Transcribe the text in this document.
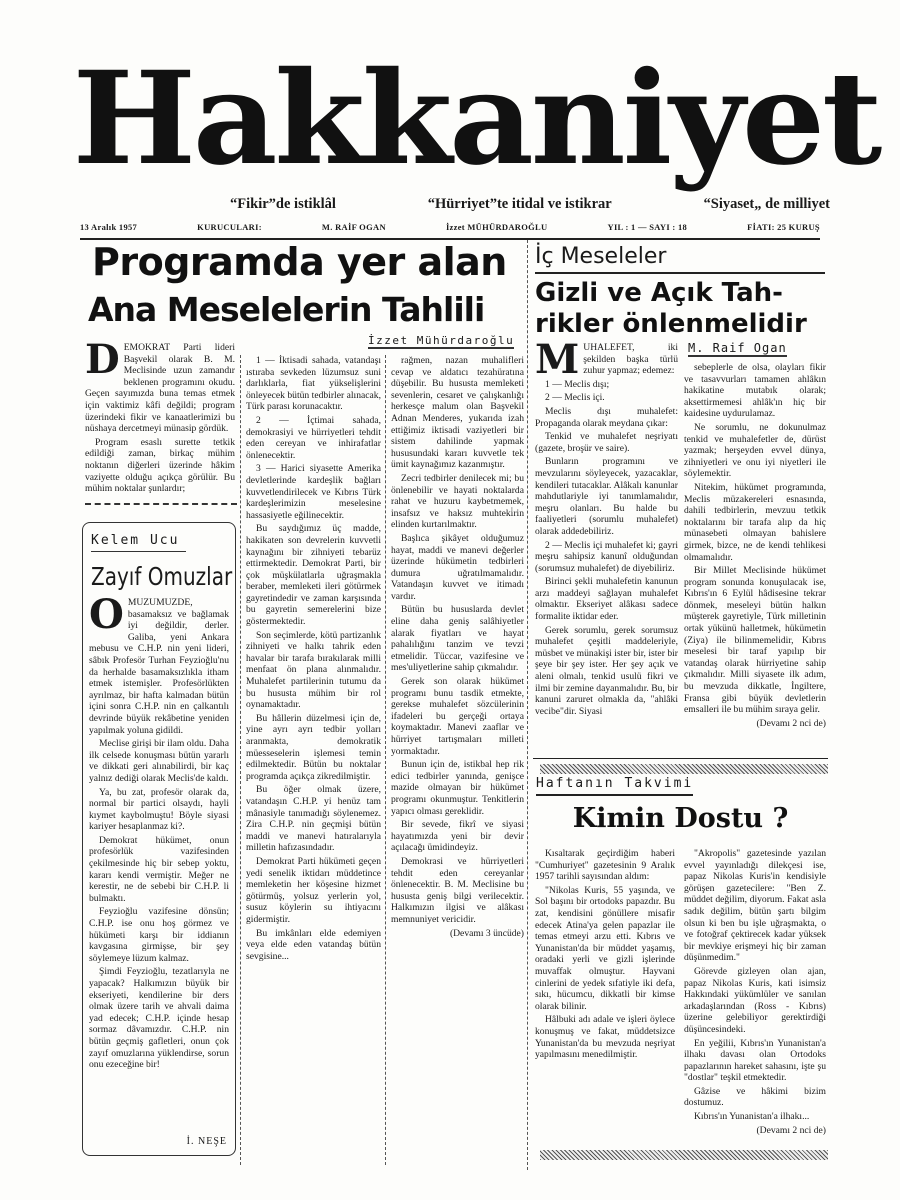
Hakkaniyet
“Fikir”de istiklâl	“Hürriyet”te itidal ve istikrar	“Siyaset„ de milliyet
13 Aralık 1957	KURUCULARI:	M. RAİF OGAN	İzzet MÜHÜRDAROĞLU	YIL : 1 — SAYI : 18	FİATI: 25 KURUŞ
Programda yer alan
Ana Meselelerin Tahlili
İzzet Mühürdaroğlu
D EMOKRAT Parti lideri Başvekil olarak B. M. Meclisinde uzun zamandır beklenen programını okudu. Geçen sayımızda buna temas etmek için vaktimiz kâfi değildi; program üzerindeki fikir ve kanaatlerimizi bu nüshaya dercetmeyi münasip gördük.

Program esaslı surette tetkik edildiği zaman, birkaç mühim noktanın diğerleri üzerinde hâkim vaziyette olduğu açıkça görülür. Bu mühim noktalar şunlardır;

1 — İktisadi sahada, vatandaşı ıstıraba sevkeden lüzumsuz suni darlıklarla, fiat yükselişlerini önleyecek bütün tedbirler alınacak, Türk parası korunacaktır.

2 — İçtimai sahada, demokrasiyi ve hürriyetleri tehdit eden cereyan ve inhirafatlar önlenecektir.

3 — Harici siyasette Amerika devletlerinde kardeşlik bağları kuvvetlendirilecek ve Kıbrıs Türk kardeşlerimizin meselesine hassasiyetle eğilinecektir.

Bu saydığımız üç madde, hakikaten son devrelerin kuvvetli kaynağını bir zihniyeti tebarüz ettirmektedir. Demokrat Parti, bir çok müşkülatlarla uğraşmakla beraber, memleketi ileri götürmek gayretindedir ve zaman karşısında bu gayretin semerelerini bize göstermektedir.

Son seçimlerde, kötü partizanlık zihniyeti ve halkı tahrik eden havalar bir tarafa bırakılarak milli menfaat ön plana alınmalıdır. Muhalefet partilerinin tutumu da bu hususta mühim bir rol oynamaktadır.

Bu hâllerin düzelmesi için de, yine ayrı ayrı tedbir yolları aranmakta, demokratik müesseselerin işlemesi temin edilmektedir. Bütün bu noktalar programda açıkça zikredilmiştir.

Bu öğer olmak üzere, vatandaşın C.H.P. yi henüz tam mânasiyle tanımadığı söylenemez. Zira C.H.P. nin geçmişi bütün maddi ve manevi hatıralarıyla milletin hafızasındadır.

Demokrat Parti hükümeti geçen yedi senelik iktidarı müddetince memleketin her köşesine hizmet götürmüş, yolsuz yerlerin yol, susuz köylerin su ihtiyacını gidermiştir.

Bu imkânları elde edemiyen veya elde eden vatandaş bütün sevgisine...

rağmen, nazan muhalifleri cevap ve aldatıcı tezahüratına düşebilir. Bu hususta memleketi sevenlerin, cesaret ve çalışkanlığı herkesçe malum olan Başvekil Adnan Menderes, yukarıda izah ettiğimiz iktisadi vaziyetleri bir sistem dahilinde yapmak hususundaki kararı kuvvetle tek ümit kaynağımız kazanmıştır.

Zecri tedbirler denilecek mi; bu önlenebilir ve hayati noktalarda rahat ve huzuru kaybetmemek, insafsız ve haksız muhteki̇rin elinden kurtarılmaktır.

Başlıca şikâyet olduğumuz hayat, maddi ve manevi değerler üzerinde hükümetin tedbirleri dumura uğratılmamalıdır. Vatandaşın kuvvet ve itimadı vardır.

Bütün bu hususlarda devlet eline daha geniş salâhiyetler alarak fiyatları ve hayat pahalılığını tanzim ve tevzi etmelidir. Tüccar, vazifesine ve mes'uliyetlerine sahip çıkmalıdır.

Gerek son olarak hükümet programı bunu tasdik etmekte, gerekse muhalefet sözcülerinin ifadeleri bu gerçeği ortaya koymaktadır. Manevi zaaflar ve hürriyet tartışmaları milleti yormaktadır.

Bunun için de, istikbal hep rik edici tedbirler yanında, genişce mazide olmayan bir hükümet programı okunmuştur. Tenkitlerin yapıcı olması gereklidir.

Bir sevede, fikrî ve siyasi hayatımızda yeni bir devir açılacağı ümidindeyiz.

Demokrasi ve hürriyetleri tehdit eden cereyanlar önlenecektir. B. M. Meclisine bu hususta geniş bilgi verilecektir. Halkımızın ilgisi ve alâkası memnuniyet vericidir.

(Devamı 3 üncüde)

Kelem Ucu
Zayıf Omuzlar
O MUZUMUZDE, basamaksız ve bağlamak iyi değildir, derler. Galiba, yeni Ankara mebusu ve C.H.P. nin yeni lideri, sâbık Profesör Turhan Feyzioğlu'nu da herhalde basamaksızlıkla itham etmek istemişler. Profesörlükten ayrılmaz, bir hafta kalmadan bütün içini sonra C.H.P. nin en çalkantılı devrinde büyük rekâbetine yeniden yapılmak yoluna gidildi.

Meclise girişi bir ilam oldu. Daha ilk celsede konuşması bütün yararlı ve dikkati geri alınabilirdi, bir kaç yalnız dediği olarak Meclis'de kaldı.

Ya, bu zat, profesör olarak da, normal bir partici olsaydı, hayli kıymet kaybolmuştu! Böyle siyasi kariyer hesaplanmaz ki?.

Demokrat hükümet, onun profesörlük vazifesinden çekilmesinde hiç bir sebep yoktu, kararı kendi vermiştir. Meğer ne kerestir, ne de sebebi bir C.H.P. li bulmaktı.

Feyzioğlu vazifesine dönsün; C.H.P. ise onu hoş görmez ve hükümeti karşı bir iddianın kavgasına girmişse, bir şey söylemeye lüzum kalmaz.

Şimdi Feyzioğlu, tezatlarıyla ne yapacak? Halkımızın büyük bir ekseriyeti, kendilerine bir ders olmak üzere tarih ve ahvali daima yad edecek; C.H.P. içinde hesap sormaz dâvamızdır. C.H.P. nin bütün geçmiş gafletleri, onun çok zayıf omuzlarına yüklendirse, sorun onu ezeceğine bir!

İ. NEŞE
İç Meseleler
Gizli ve Açık Tah-
rikler önlenmelidir
M. Raif Ogan
M UHALEFET, iki şekilden başka türlü zuhur yapmaz; edemez:

1 — Meclis dışı;

2 — Meclis içi.

Meclis dışı muhalefet: Propaganda olarak meydana çıkar:

Tenkid ve muhalefet neşriyatı (gazete, broşür ve saire).

Bunların programını ve mevzularını söyleyecek, yazacaklar, kendileri tutacaklar. Alâkalı kanunlar mahdutlariyle iyi tanımlamalıdır, meşru olanları. Bu halde bu faaliyetleri (sorumlu muhalefet) olarak addedebiliriz.

2 — Meclis içi muhalefet ki; gayri meşru sahipsiz kanunî olduğundan (sorumsuz muhalefet) de diyebiliriz.

Birinci şekli muhalefetin kanunun arzı maddeyi sağlayan muhalefet olmaktır. Ekseriyet alâkası sadece formalite iktidar eder.

Gerek sorumlu, gerek sorumsuz muhalefet çeşitli maddeleriyle, müsbet ve münakişi ister bir, ister bir şeye bir şey ister. Her şey açık ve aleni olmalı, tenkid usulü fikri ve ilmi bir zemine dayanmalıdır. Bu, bir kanuni zaruret olmakla da, "ahlâki vecibe"dir. Siyasi

sebeplerle de olsa, olayları fikir ve tasavvurları tamamen ahlâkın hakikatine mutabık olarak; aksettirmemesi ahlâk'ın hiç bir kaidesine uydurulamaz.

Ne sorumlu, ne dokunulmaz tenkid ve muhalefetler de, dürüst yazmak; herşeyden evvel dünya, zihniyetleri ve onu iyi niyetleri ile söylemektir.

Nitekim, hükümet programında, Meclis müzakereleri esnasında, dahili tedbirlerin, mevzuu tetkik noktalarını bir tarafa alıp da hiç münasebeti olmayan bahislere girmek, bizce, ne de kendi tehlikesi olmamalıdır.

Bir Millet Meclisinde hükümet program sonunda konuşulacak ise, Kıbrıs'ın 6 Eylül hâdisesine tekrar dönmek, meseleyi bütün halkın müşterek gayretiyle, Türk milletinin ortak yükünü halletmek, hükümetin (Ziya) ile bilinmemelidir, Kıbrıs meselesi bir taraf yapılıp bir vatandaş olarak hürriyetine sahip çıkmalıdır. Milli siyasete ilk adım, bu mevzuda dikkatle, İngiltere, Fransa gibi büyük devletlerin emsalleri ile bu mühim sıraya gelir.

(Devamı 2 nci de)

Haftanın Takvimi
Kimin Dostu ?

Kısaltarak geçirdiğim haberi "Cumhuriyet" gazetesinin 9 Aralık 1957 tarihli sayısından aldım:

"Nikolas Kuris, 55 yaşında, ve Sol başını bir ortodoks papazdır. Bu zat, kendisini gönüllere misafir edecek Atina'ya gelen papazlar ile temas etmeyi arzu etti. Kıbrıs ve Yunanistan'da bir müddet yaşamış, oradaki yerli ve gizli işlerinde muvaffak olmuştur. Hayvani cinlerini de yedek sıfatiyle iki defa, sıkı, hücumcu, dikkatli bir kimse olarak bilinir.

Hâlbuki adı adale ve işleri öylece konuşmuş ve fakat, müddetsizce Yunanistan'da bu mevzuda neşriyat yapılmasını menedilmiştir.

"Akropolis" gazetesinde yazılan evvel yayınladığı dilekçesi ise, papaz Nikolas Kuris'in kendisiyle görüşen gazetecilere: "Ben Z. müddet değilim, diyorum. Fakat asla sadık değilim, bütün şartı bilgim olsun ki ben bu işle uğraşmakta, o ve fotoğraf çektirecek kadar yüksek bir mevkiye erişmeyi hiç bir zaman düşünmedim."

Görevde gizleyen olan ajan, papaz Nikolas Kuris, kati isimsiz Hakkındaki yükümlüler ve sanılan arkadaşlarından (Ross - Kıbrıs) üzerine gelebiliyor gerektirdiği düşüncesindeki.

En yeğilii, Kıbrıs'ın Yunanistan'a ilhakı davası olan Ortodoks papazlarının hareket sahasını, işte şu "dostlar" teşkil etmektedir.

Gâzise ve hâkimi bizim dostumuz.

Kıbrıs'ın Yunanistan'a ilhakı...

(Devamı 2 nci de)
